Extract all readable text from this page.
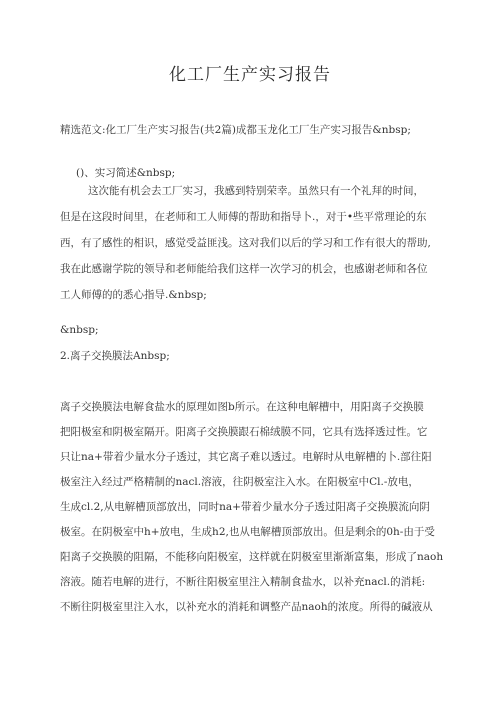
化工厂生产实习报告
精选范文:化工厂生产实习报告(共2篇)成都玉龙化工厂生产实习报告&nbsp;
()、实习简述&nbsp;
这次能有机会去工厂实习，我感到特别荣幸。虽然只有一个礼拜的时间，
但是在这段时间里，在老师和工人师傅的帮助和指导卜.，对于•些平常理论的东
西，有了感性的相识，感觉受益匪浅。这对我们以后的学习和工作有很大的帮助,
我在此感谢学院的领导和老师能给我们这样一次学习的机会，也感谢老师和各位
工人师傅的的悉心指导.&nbsp;
&nbsp;
2.离子交换膜法Anbsp;
离子交换膜法电解食盐水的原理如图b所示。在这种电解槽中，用阳离子交换膜
把阳极室和阴极室隔开。阳离子交换膜跟石棉绒膜不同，它具有选择透过性。它
只让na+带着少量水分子透过，其它离子难以透过。电解时从电解槽的卜.部往阳
极室注入经过严格精制的nacl.溶液，往阴极室注入水。在阳极室中Cl.-放电，
生成cl.2,从电解槽顶部放出，同时na+带着少量水分子透过阳离子交换膜流向阴
极室。在阴极室中h+放电，生成h2,也从电解槽顶部放出。但是剩余的0h-由于受
阳离子交换膜的阻隔，不能移向阳极室，这样就在阴极室里渐渐富集，形成了naoh
溶液。随若电解的进行，不断往阳极室里注入精制食盐水，以补充nacl.的消耗:
不断往阴极室里注入水，以补充水的消耗和调整产品naoh的浓度。所得的碱液从
